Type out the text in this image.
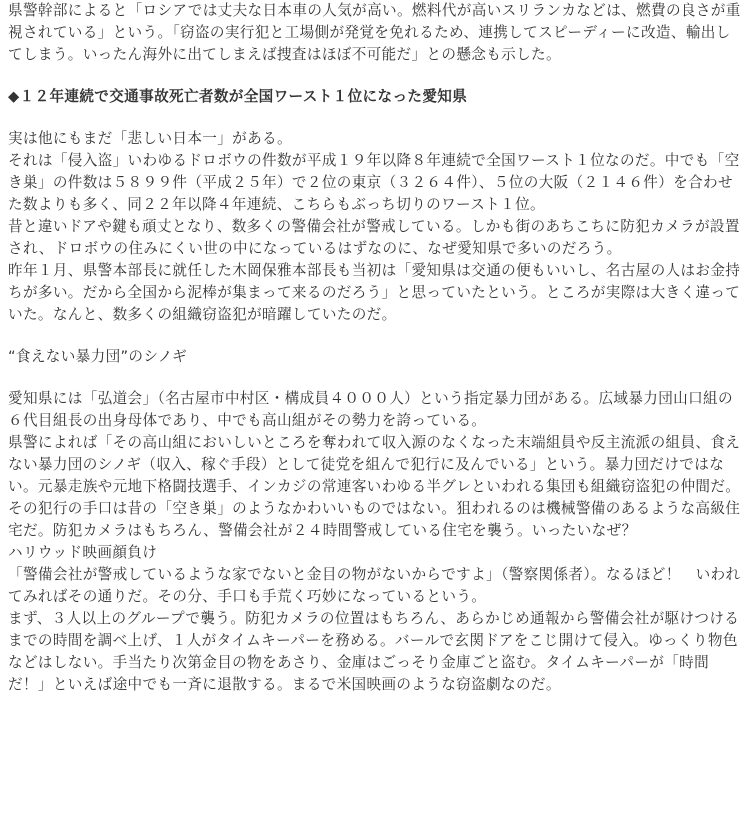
県警幹部によると「ロシアでは丈夫な日本車の人気が高い。燃料代が高いスリランカなどは、燃費の良さが重視されている」という。「窃盗の実行犯と工場側が発覚を免れるため、連携してスピーディーに改造、輸出してしまう。いったん海外に出てしまえば捜査はほぼ不可能だ」との懸念も示した。

◆１２年連続で交通事故死亡者数が全国ワースト１位になった愛知県

実は他にもまだ「悲しい日本一」がある。

それは「侵入盗」いわゆるドロボウの件数が平成１９年以降８年連続で全国ワースト１位なのだ。中でも「空き巣」の件数は５８９９件（平成２５年）で２位の東京（３２６４件）、５位の大阪（２１４６件）を合わせた数よりも多く、同２２年以降４年連続、こちらもぶっち切りのワースト１位。

昔と違いドアや鍵も頑丈となり、数多くの警備会社が警戒している。しかも街のあちこちに防犯カメラが設置され、ドロボウの住みにくい世の中になっているはずなのに、なぜ愛知県で多いのだろう。

昨年１月、県警本部長に就任した木岡保雅本部長も当初は「愛知県は交通の便もいいし、名古屋の人はお金持ちが多い。だから全国から泥棒が集まって来るのだろう」と思っていたという。ところが実際は大きく違っていた。なんと、数多くの組織窃盗犯が暗躍していたのだ。

“食えない暴力団”のシノギ

愛知県には「弘道会」（名古屋市中村区・構成員４０００人）という指定暴力団がある。広域暴力団山口組の６代目組長の出身母体であり、中でも高山組がその勢力を誇っている。

県警によれば「その高山組においしいところを奪われて収入源のなくなった末端組員や反主流派の組員、食えない暴力団のシノギ（収入、稼ぐ手段）として徒党を組んで犯行に及んでいる」という。暴力団だけではない。元暴走族や元地下格闘技選手、インカジの常連客いわゆる半グレといわれる集団も組織窃盗犯の仲間だ。

その犯行の手口は昔の「空き巣」のようなかわいいものではない。狙われるのは機械警備のあるような高級住宅だ。防犯カメラはもちろん、警備会社が２４時間警戒している住宅を襲う。いったいなぜ？

ハリウッド映画顔負け

「警備会社が警戒しているような家でないと金目の物がないからですよ」（警察関係者）。なるほど！　いわれてみればその通りだ。その分、手口も手荒く巧妙になっているという。

まず、３人以上のグループで襲う。防犯カメラの位置はもちろん、あらかじめ通報から警備会社が駆けつけるまでの時間を調べ上げ、１人がタイムキーパーを務める。バールで玄関ドアをこじ開けて侵入。ゆっくり物色などはしない。手当たり次第金目の物をあさり、金庫はごっそり金庫ごと盗む。タイムキーパーが「時間だ！」といえば途中でも一斉に退散する。まるで米国映画のような窃盗劇なのだ。
